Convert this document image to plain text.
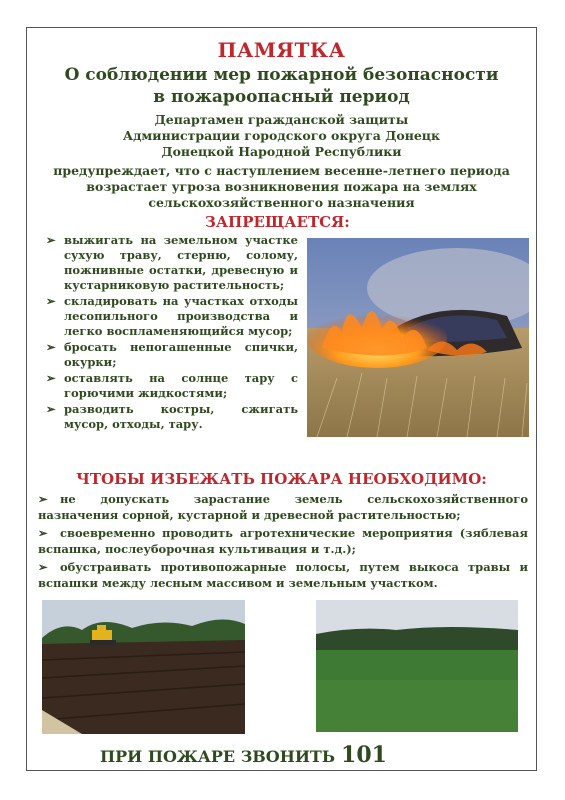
ПАМЯТКА
О соблюдении мер пожарной безопасности
в пожароопасный период
Департамен гражданской защиты
Администрации городского округа Донецк
Донецкой Народной Республики
предупреждает, что с наступлением весенне-летнего периода
возрастает угроза возникновения пожара на землях
сельскохозяйственного назначения
ЗАПРЕЩАЕТСЯ:
➢ выжигать на земельном участке сухую траву, стерню, солому, пожнивные остатки, древесную и кустарниковую растительность;
➢ складировать на участках отходы лесопильного производства и легко воспламеняющийся мусор;
➢ бросать непогашенные спички, окурки;
➢ оставлять на солнце тару с горючими жидкостями;
➢ разводить костры, сжигать мусор, отходы, тару.
ЧТОБЫ ИЗБЕЖАТЬ ПОЖАРА НЕОБХОДИМО:
➢ не допускать зарастание земель сельскохозяйственного назначения сорной, кустарной и древесной растительностью;
➢ своевременно проводить агротехнические мероприятия (зяблевая вспашка, послеуборочная культивация и т.д.);
➢ обустраивать противопожарные полосы, путем выкоса травы и вспашки между лесным массивом и земельным участком.
ПРИ ПОЖАРЕ ЗВОНИТЬ 101
